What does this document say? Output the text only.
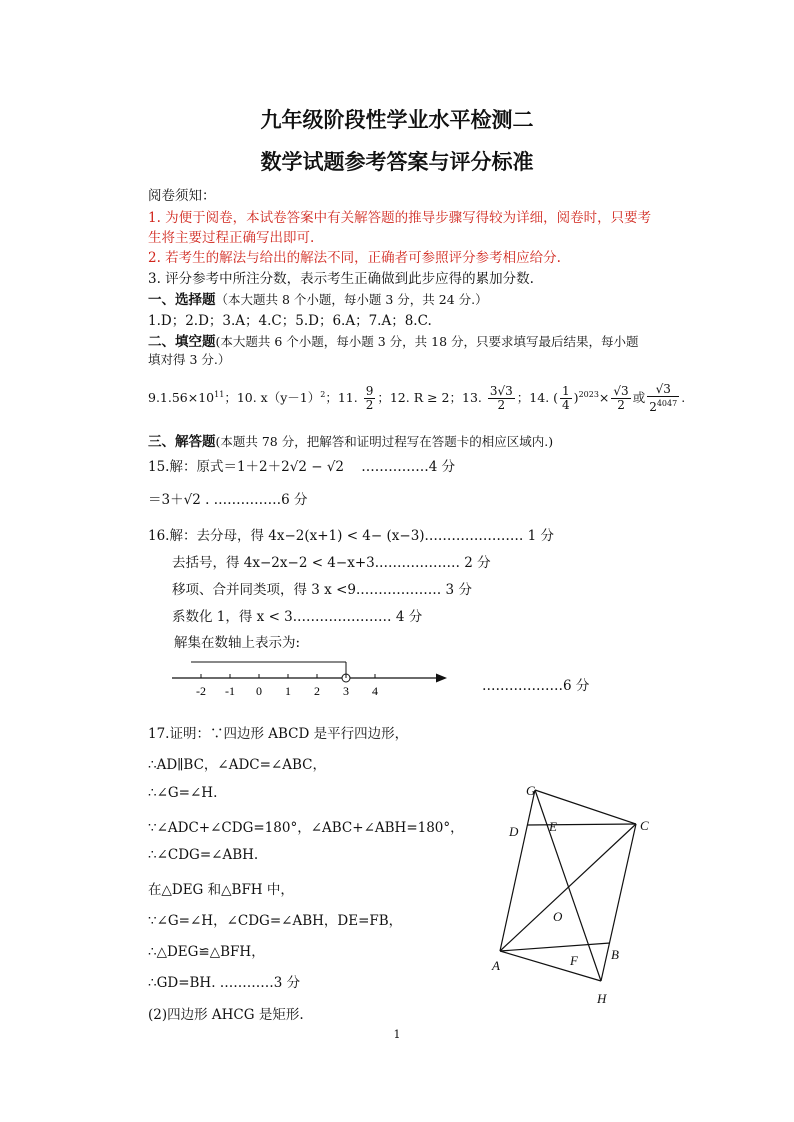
九年级阶段性学业水平检测二
数学试题参考答案与评分标准
阅卷须知：
1. 为便于阅卷，本试卷答案中有关解答题的推导步骤写得较为详细，阅卷时，只要考
生将主要过程正确写出即可.
2. 若考生的解法与给出的解法不同，正确者可参照评分参考相应给分.
3. 评分参考中所注分数，表示考生正确做到此步应得的累加分数.
一、选择题（本大题共 8 个小题，每小题 3 分，共 24 分.）
1.D；2.D；3.A；4.C；5.D；6.A；7.A；8.C.
二、填空题(本大题共 6 个小题，每小题 3 分，共 18 分，只要求填写最后结果，每小题
填对得 3 分.）
$9.1.56\times 10^{11}$；10. $x(y-1)^2$；11. $\frac{9}{2}$ ；12. R ≥ 2；13. $\frac{3√3}{2}$ ；14. ( $\frac{1}{4} )^{2023}\times \frac{√3}{2}$ 或 $\frac{√3}{2^{4047}}$ .
三、解答题(本题共 78 分，把解答和证明过程写在答题卡的相应区域内.)
15.解：原式＝1＋2＋2√2 − √2 ……………4 分
＝3＋√2 . ……………6 分
16.解：去分母，得 4x−2(x+1) < 4− (x−3).………………… 1 分
去括号，得 4x−2x−2 < 4−x+3.……………… 2 分
移项、合并同类项，得 3 x <9.……………… 3 分
系数化 1，得 x < 3.………………… 4 分
解集在数轴上表示为:
-2 -1 0 1 2 3 4	………………6 分
17.证明：∵四边形 ABCD 是平行四边形，
∴AD∥BC，∠ADC=∠ABC，
∴∠G=∠H.
∵∠ADC+∠CDG=180°，∠ABC+∠ABH=180°，
∴∠CDG=∠ABH.
在△DEG 和△BFH 中，
∵∠G=∠H，∠CDG=∠ABH，DE=FB，
∴△DEG≌△BFH，
∴GD=BH. …………3 分
(2)四边形 AHCG 是矩形.
G
D E	C
O
A	F	B
H
1
